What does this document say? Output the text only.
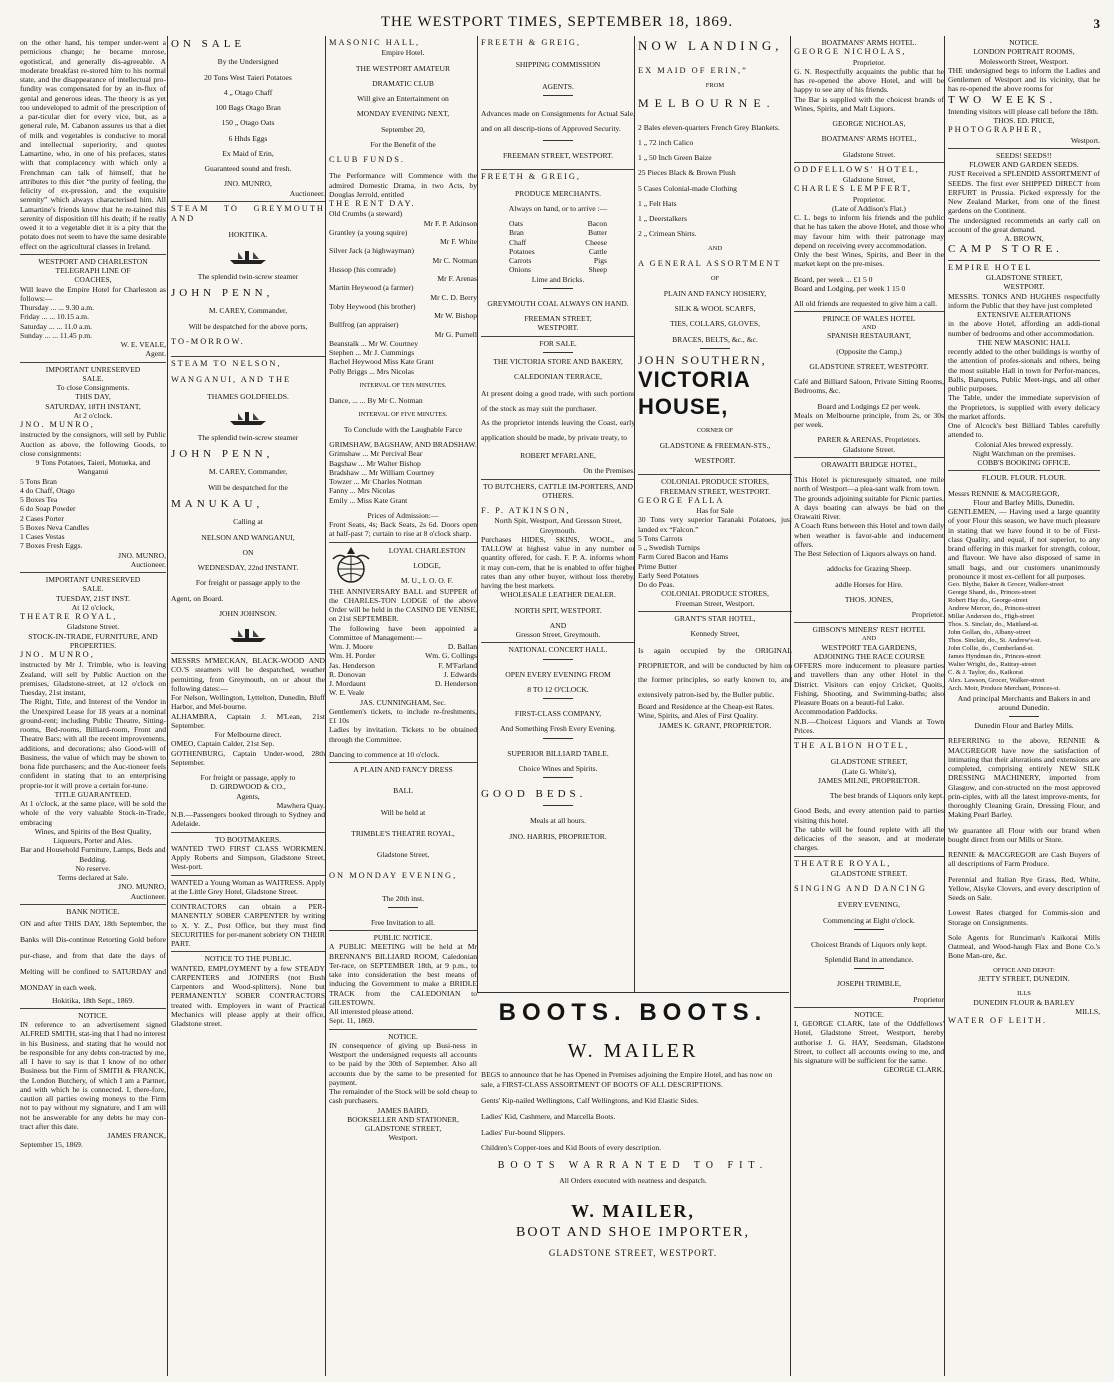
THE WESTPORT TIMES, SEPTEMBER 18, 1869.	3

on the other hand, his temper under-went a pernicious change; he became morose, egotistical, and generally dis-agreeable. A moderate breakfast re-stored him to his normal state, and the disappearance of intellectual pro-fundity was compensated for by an in-flux of genial and generous ideas. The theory is as yet too undeveloped to admit of the prescription of a par-ticular diet for every vice, but, as a general rule, M. Cabanon assures us that a diet of milk and vegetables is conducive to moral and intellectual superiority, and quotes Lamartine, who, in one of his prefaces, states with that complacency with which only a Frenchman can talk of himself, that he attributes to this diet “the purity of feeling, the felicity of ex-pression, and the exquisite serenity” which always characterised him. All Lamartine's friends know that he re-tained this serenity of disposition till his death; if he really owed it to a vegetable diet it is a pity that the potato does not seem to have the same desirable effect on the agricultural classes in Ireland.

WESTPORT AND CHARLESTON

TELEGRAPH LINE OF

COACHES,

Will leave the Empire Hotel for Charleston as follows:—

Thursday ... ... 9.30 a.m.

Friday ... ... 10.15 a.m.

Saturday ... ... 11.0 a.m.

Sunday ... ... 11.45 p.m.

W. E. VEALE,

Agent.

IMPORTANT UNRESERVED

SALE.

To close Consignments.

THIS DAY,

SATURDAY, 18TH INSTANT,

At 2 o'clock.

JNO. MUNRO,

instructed by the consignors, will sell by Public Auction as above, the following Goods, to close consignments:

9 Tons Potatoes, Taieri, Motueka, and Wanganui

5 Tons Bran

4 do Chaff, Otago

5 Boxes Tea

6 do Soap Powder

2 Cases Porter

5 Boxes Neva Candles

1 Cases Vestas

7 Boxes Fresh Eggs.

JNO. MUNRO,

Auctioneer.

IMPORTANT UNRESERVED

SALE.

TUESDAY, 21ST INST.

At 12 o'clock,

THEATRE ROYAL,

Gladstone Street.

STOCK-IN-TRADE, FURNITURE, AND PROPERTIES.

JNO. MUNRO,

instructed by Mr J. Trimble, who is leaving Zealand, will sell by Public Auction on the premises, Gladstone-street, at 12 o'clock on Tuesday, 21st instant,

The Right, Title, and Interest of the Vendor in the Unexpired Lease for 18 years at a nominal ground-rent; including Public Theatre, Sitting-rooms, Bed-rooms, Billiard-room, Front and Theatre Bars; with all the recent improvements, additions, and decorations; also Good-will of Business, the value of which may be shown to bona fide purchasers; and the Auc-tioneer feels confident in stating that to an enterprising proprie-tor it will prove a certain for-tune.

TITLE GUARANTEED.

At 1 o'clock, at the same place, will be sold the whole of the very valuable Stock-in-Trade, embracing

Wines, and Spirits of the Best Quality, Liqueurs, Porter and Ales.

Bar and Household Furniture, Lamps, Beds and Bedding.

No reserve.

Terms declared at Sale.

JNO. MUNRO,

Auctioneer.

BANK NOTICE.

ON and after THIS DAY, 18th September, the Banks will Dis-continue Retorting Gold before pur-chase, and from that date the days of Melting will be confined to SATURDAY and MONDAY in each week.

Hokitika, 18th Sept., 1869.

NOTICE.

IN reference to an advertisement signed ALFRED SMITH, stat-ing that I had no interest in his Business, and stating that he would not be responsible for any debts con-tracted by me, all I have to say is that I know of no other Business but the Firm of SMITH & FRANCK, the London Butchery, of which I am a Partner, and with which he is connected. I, there-fore, caution all parties owing moneys to the Firm not to pay without my signature, and I am will not be answerable for any debts he may con-tract after this date.

JAMES FRANCK,

September 15, 1869.

ON SALE

By the Undersigned

20 Tons West Taieri Potatoes

4 „ Otago Chaff

100 Bags Otago Bran

150 „ Otago Oats

6 Hhds Eggs

Ex Maid of Erin,

Guaranteed sound and fresh.

JNO. MUNRO,

Auctioneer.

STEAM TO GREYMOUTH AND

HOKITIKA.

The splendid twin-screw steamer

JOHN PENN,

M. CAREY, Commander,

Will be despatched for the above ports,

TO-MORROW.

STEAM TO NELSON,

WANGANUI, AND THE

THAMES GOLDFIELDS.

The splendid twin-screw steamer

JOHN PENN,

M. CAREY, Commander,

Will be despatched for the

MANUKAU,

Calling at

NELSON AND WANGANUI,

ON

WEDNESDAY, 22nd INSTANT.

For freight or passage apply to the

Agent, on Board.

JOHN JOHNSON.

MESSRS M'MECKAN, BLACK-WOOD AND CO.'S steamers will be despatched, weather permitting, from Greymouth, on or about the following dates:—

For Nelson, Wellington, Lyttelton, Dunedin, Bluff Harbor, and Mel-bourne.

ALHAMBRA, Captain J. M'Lean, 21st September.

For Melbourne direct.

OMEO, Captain Calder, 21st Sep.

GOTHENBURG, Captain Under-wood, 28th September.

For freight or passage, apply to

D. GIRDWOOD & CO.,

Agents,

Mawhera Quay.

N.B.—Passengers booked through to Sydney and Adelaide.

TO BOOTMAKERS.

WANTED TWO FIRST CLASS WORKMEN. Apply Roberts and Simpson, Gladstone Street, West-port.

WANTED a Young Woman as WAITRESS. Apply at the Little Grey Hotel, Gladstone Street.

CONTRACTORS can obtain a PER-MANENTLY SOBER CARPENTER by writing to X. Y. Z., Post Office, but they must find SECURITIES for per-manent sobriety ON THEIR PART.

NOTICE TO THE PUBLIC.

WANTED, EMPLOYMENT by a few STEADY CARPENTERS and JOINERS (not Bush Carpenters and Wood-splitters). None but PERMANENTLY SOBER CONTRACTORS treated with. Employers in want of Practical Mechanics will please apply at their office, Gladstone street.

MASONIC HALL,

Empire Hotel.

THE WESTPORT AMATEUR

DRAMATIC CLUB

Will give an Entertainment on

MONDAY EVENING NEXT,

September 20,

For the Benefit of the

CLUB FUNDS.

The Performance will Commence with the admired Domestic Drama, in two Acts, by Douglas Jerrold, entitled

THE RENT DAY.

Old Crumbs (a steward)

Mr F. P. Atkinson

Grantley (a young squire)

Mr F. White

Silver Jack (a highwayman)

Mr C. Notman

Hussop (his comrade)

Mr F. Arenas

Martin Heywood (a farmer)

Mr C. D. Berry

Toby Heywood (his brother)

Mr W. Bishop

Bullfrog (an appraiser)

Mr G. Purnell

Beanstalk ... Mr W. Courtney

Stephen ... Mr J. Cummings

Rachel Heywood Miss Kate Grant

Polly Briggs ... Mrs Nicolas

INTERVAL OF TEN MINUTES.

Dance, ... ... By Mr C. Notman

INTERVAL OF FIVE MINUTES.

To Conclude with the Laughable Farce

GRIMSHAW, BAGSHAW, AND BRADSHAW.

Grimshaw ... Mr Percival Bear

Bagshaw ... Mr Walter Bishop

Bradshaw ... Mr William Courtney

Towzer ... Mr Charles Notman

Fanny ... Mrs Nicolas

Emily ... Miss Kate Grant

Prices of Admission:—

Front Seats, 4s; Back Seats, 2s 6d. Doors open at half-past 7; curtain to rise at 8 o'clock sharp.

LOYAL CHARLESTON

LODGE,

M. U., I. O. O. F.

THE ANNIVERSARY BALL and SUPPER of the CHARLES-TON LODGE of the above Order will be held in the CASINO DE VENISE, on 21st SEPTEMBER.

The following have been appointed a Committee of Management:—

Wm. J. Moore	D. Ballan
Wm. H. Porder	Wm. G. Collings
Jas. Henderson	F. M'Farland
R. Donovan	J. Edwards
J. Mordaunt	D. Henderson
W. E. Veale

JAS. CUNNINGHAM, Sec.

Gentlemen's tickets, to include re-freshments, £1 10s

Ladies by invitation. Tickets to be obtained through the Committee.

Dancing to commence at 10 o'clock.

A PLAIN AND FANCY DRESS

BALL

Will be held at

TRIMBLE'S THEATRE ROYAL,

Gladstone Street,

ON MONDAY EVENING,

The 20th inst.

Free Invitation to all.

PUBLIC NOTICE.

A PUBLIC MEETING will be held at Mr BRENNAN'S BILLIARD ROOM, Caledonian Ter-race, on SEPTEMBER 18th, at 9 p.m., to take into consideration the best means of inducing the Government to make a BRIDLE TRACK from the CALEDONIAN to GILESTOWN.

All interested please attend.

Sept. 11, 1869.

NOTICE.

IN consequence of giving up Busi-ness in Westport the undersigned requests all accounts to be paid by the 30th of September. Also all accounts due by the same to be presented for payment.

The remainder of the Stock will be sold cheap to cash purchasers.

JAMES BAIRD,

BOOKSELLER AND STATIONER,

GLADSTONE STREET,

Westport.

FREETH & GREIG,

SHIPPING COMMISSION

AGENTS.

Advances made on Consignments for Actual Sale, and on all descrip-tions of Approved Security.

FREEMAN STREET, WESTPORT.

FREETH & GREIG,

PRODUCE MERCHANTS.

Always on hand, or to arrive :—

Oats	Bacon
Bran	Butter
Chaff	Cheese
Potatoes	Cattle
Carrots	Pigs
Onions	Sheep

Lime and Bricks.

GREYMOUTH COAL ALWAYS ON HAND.

FREEMAN STREET,

WESTPORT.

FOR SALE.

THE VICTORIA STORE AND BAKERY,

CALEDONIAN TERRACE,

At present doing a good trade, with such portions of the stock as may suit the purchaser.

As the proprietor intends leaving the Coast, early application should be made, by private treaty, to

ROBERT M'FARLANE,

On the Premises.

TO BUTCHERS, CATTLE IM-PORTERS, AND OTHERS.

F. P. ATKINSON,

North Spit, Westport, And Gresson Street, Greymouth.

Purchases HIDES, SKINS, WOOL, and TALLOW at highest value in any number or quantity offered, for cash. F. P. A. informs whom it may con-cern, that he is enabled to offer higher rates than any other buyer, without loss thereby, having the best markets.

WHOLESALE LEATHER DEALER.

NORTH SPIT, WESTPORT.

AND

Gresson Street, Greymouth.

NATIONAL CONCERT HALL.

OPEN EVERY EVENING FROM

8 TO 12 O'CLOCK.

FIRST-CLASS COMPANY,

And Something Fresh Every Evening.

SUPERIOR BILLIARD TABLE.

Choice Wines and Spirits.

GOOD BEDS.

Meals at all hours.

JNO. HARRIS, PROPRIETOR.

NOW LANDING,

EX MAID OF ERIN,”

FROM

MELBOURNE.

2 Bales eleven-quarters French Grey Blankets.

1 „ 72 inch Calico

1 „ 50 Inch Green Baize

25 Pieces Black & Brown Plush

5 Cases Colonial-made Clothing

1 „ Felt Hats

1 „ Deerstalkers

2 „ Crimean Shirts.

AND

A GENERAL ASSORTMENT

OF

PLAIN AND FANCY HOSIERY,

SILK & WOOL SCARFS,

TIES, COLLARS, GLOVES,

BRACES, BELTS, &c., &c.

JOHN SOUTHERN,

VICTORIA HOUSE,

CORNER OF

GLADSTONE & FREEMAN-STS.,

WESTPORT.

COLONIAL PRODUCE STORES,

FREEMAN STREET, WESTPORT.

GEORGE FALLA

Has for Sale

30 Tons very superior Taranaki Potatoes, just landed ex “Falcon.”

5 Tons Carrots

5 „ Swedish Turnips

Farm Cured Bacon and Hams

Prime Butter

Early Seed Potatoes

Do do Peas.

COLONIAL PRODUCE STORES,

Freeman Street, Westport.

GRANT'S STAR HOTEL,

Kennedy Street,

Is again occupied by the ORIGINAL PROPRIETOR, and will be conducted by him on the former principles, so early known to, and extensively patron-ised by, the Buller public.

Board and Residence at the Cheap-est Rates.

Wine, Spirits, and Ales of First Quality.

JAMES K. GRANT, PROPRIETOR.

BOATMANS' ARMS HOTEL.

GEORGE NICHOLAS,

Proprietor.

G. N. Respectfully acquaints the public that he has re-opened the above Hotel, and will be happy to see any of his friends.

The Bar is supplied with the choicest brands of Wines, Spirits, and Malt Liquors.

GEORGE NICHOLAS,

BOATMANS' ARMS HOTEL,

Gladstone Street.

ODDFELLOWS' HOTEL,

Gladstone Street,

CHARLES LEMPFERT,

Proprietor.

(Late of Addison's Flat.)

C. L. begs to inform his friends and the public that he has taken the above Hotel, and those who may favour him with their patronage may depend on receiving every accommodation.

Only the best Wines, Spirits, and Beer in the market kept on the pre-mises.

Board, per week ... £1 5 0

Board and Lodging, per week 1 15 0

All old friends are requested to give him a call.

PRINCE OF WALES HOTEL

AND

SPANISH RESTAURANT,

(Opposite the Camp,)

GLADSTONE STREET, WESTPORT.

Café and Billiard Saloon, Private Sitting Rooms, Bedrooms, &c.

Board and Lodgings £2 per week.

Meals on Melbourne principle, from 2s, or 30s per week.

PARER & ARENAS, Proprietors.

Gladstone Street.

ORAWAITI BRIDGE HOTEL,

This Hotel is picturesquely situated, one mile north of Westport—a plea-sant walk from town.

The grounds adjoining suitable for Picnic parties.

A days boating can always be had on the Orawaiti River.

A Coach Runs between this Hotel and town daily when weather is favor-able and inducement offers.

The Best Selection of Liquors always on hand.

addocks for Grazing Sheep.

addle Horses for Hire.

THOS. JONES,

Proprietor.

GIBSON'S MINERS' REST HOTEL

AND

WESTPORT TEA GARDENS,

ADJOINING THE RACE COURSE

OFFERS more inducement to pleasure parties and travellers than any other Hotel in the District. Visitors can enjoy Cricket, Quoits, Fishing, Shooting, and Swimming-baths; also Pleasure Boats on a beauti-ful Lake.

Accommodation Paddocks.

N.B.—Choicest Liquors and Viands at Town Prices.

THE ALBION HOTEL,

GLADSTONE STREET,

(Late G. White's),

JAMES MILNE, PROPRIETOR.

The best brands of Liquors only kept.

Good Beds, and every attention paid to parties visiting this hotel.

The table will be found replete with all the delicacies of the season, and at moderate charges.

THEATRE ROYAL,

GLADSTONE STREET.

SINGING AND DANCING

EVERY EVENING,

Commencing at Eight o'clock.

Choicest Brands of Liquors only kept.

Splendid Band in attendance.

JOSEPH TRIMBLE,

Proprietor

NOTICE.

I, GEORGE CLARK, late of the Oddfellows' Hotel, Gladstone Street, Westport, hereby authorise J. G. HAY, Seedsman, Gladstone Street, to collect all accounts owing to me, and his signature will be sufficient for the same.

GEORGE CLARK.

NOTICE.

LONDON PORTRAIT ROOMS,

Molesworth Street, Westport.

THE undersigned begs to inform the Ladies and Gentlemen of Westport and its vicinity, that he has re-opened the above rooms for

TWO WEEKS.

Intending visitors will please call before the 18th.

THOS. ED. PRICE,

PHOTOGRAPHER,

Westport.

SEEDS! SEEDS!!

FLOWER AND GARDEN SEEDS.

JUST Received a SPLENDID ASSORTMENT of SEEDS. The first ever SHIPPED DIRECT from ERFURT in Prussia. Picked expressly for the New Zealand Market, from one of the finest gardens on the Continent.

The undersigned recommends an early call on account of the great demand.

A. BROWN,

CAMP STORE.

EMPIRE HOTEL

GLADSTONE STREET,

WESTPORT.

MESSRS. TONKS AND HUGHES respectfully inform the Public that they have just completed

EXTENSIVE ALTERATIONS

in the above Hotel, affording an addi-tional number of bedrooms and other accommodation.

THE NEW MASONIC HALL

recently added to the other buildings is worthy of the attention of profes-sionals and others, being the most suitable Hall in town for Perfor-mances, Balls, Banquets, Public Meet-ings, and all other public purposes.

The Table, under the immediate supervision of the Proprietors, is supplied with every delicacy the market affords.

One of Alcock's best Billiard Tables carefully attended to.

Colonial Ales brewed expressly.

Night Watchman on the premises.

COBB'S BOOKING OFFICE.

FLOUR. FLOUR. FLOUR.

Messrs RENNIE & MACGREGOR,

Flour and Barley Mills, Dunedin.

GENTLEMEN, — Having used a large quantity of your Flour this season, we have much pleasure in stating that we have found it to be of First-class Quality, and equal, if not superior, to any brand offering in this market for strength, colour, and flavour. We have also disposed of same in small bags, and our customers unanimously pronounce it most ex-cellent for all purposes.

Geo. Blythe, Baker & Grocer, Walker-street

George Shand, do., Princes-street

Robert Hay do., George-street

Andrew Mercer, do., Princes-street

Millar Anderson do., High-street

Thos. S. Sinclair, do., Maitland-st.

John Gollan, do., Albany-street

Thos. Sinclair, do., St. Andrew's-st.

John Collie, do., Cumberland-st.

James Hyndman do., Princes-street

Walter Wright, do., Rattray-street

C. & J. Taylor, do., Kaikorai

Alex. Lawson, Grocer, Walker-street

Arch. Moir, Produce Merchant, Princes-st.

And principal Merchants and Bakers in and around Dunedin.

Dunedin Flour and Barley Mills.

REFERRING to the above, RENNIE & MACGREGOR have now the satisfaction of intimating that their alterations and extensions are completed, comprising entirely NEW SILK DRESSING MACHINERY, imported from Glasgow, and con-structed on the most approved prin-ciples, with all the latest improve-ments, for thoroughly Cleaning Grain, Dressing Flour, and Making Pearl Barley.

We guarantee all Flour with our brand when bought direct from our Mills or Store.

RENNIE & MACGREGOR are Cash Buyers of all descriptions of Farm Produce.

Perennial and Italian Rye Grass, Red, White, Yellow, Alsyke Clovers, and every description of Seeds on Sale.

Lowest Rates charged for Commis-sion and Storage on Consignments.

Sole Agents for Runciman's Kaikorai Mills Oatmeal, and Wood-haugh Flax and Bone Co.'s Bone Man-ure, &c.

OFFICE AND DEPOT:

JETTY STREET, DUNEDIN.

ILLS

DUNEDIN FLOUR & BARLEY

MILLS,

WATER OF LEITH.

BOOTS. BOOTS.
W. MAILER

BEGS to announce that he has Opened in Premises adjoining the Empire Hotel, and has now on sale, a FIRST-CLASS ASSORTMENT OF BOOTS OF ALL DESCRIPTIONS.

Gents' Kip-nailed Wellingtons, Calf Wellingtons, and Kid Elastic Sides.

Ladies' Kid, Cashmere, and Marcella Boots.

Ladies' Fur-bound Slippers.

Children's Copper-toes and Kid Boots of every description.

BOOTS WARRANTED TO FIT.

All Orders executed with neatness and despatch.

W. MAILER,
BOOT AND SHOE IMPORTER,

GLADSTONE STREET, WESTPORT.
